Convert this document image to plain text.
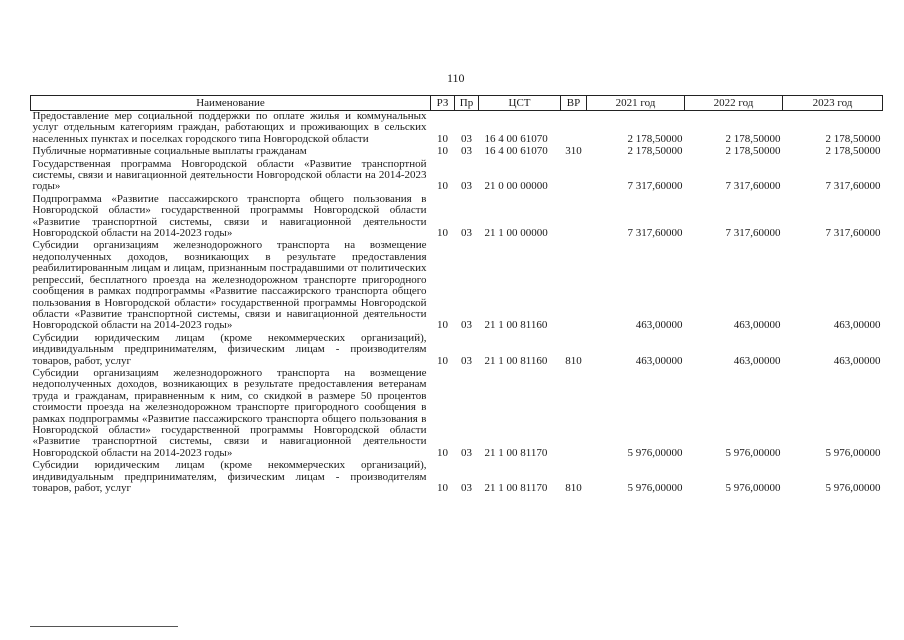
110
Наименование	РЗ	Пр	ЦСТ	ВР	2021 год	2022 год	2023 год
Предоставление мер социальной поддержки по оплате жилья и коммунальных услуг отдельным категориям граждан, работающих и проживающих в сельских населенных пунктах и поселках городского типа Новгородской области	10	03	16 4 00 61070		2 178,50000	2 178,50000	2 178,50000
Публичные нормативные социальные выплаты гражданам	10	03	16 4 00 61070	310	2 178,50000	2 178,50000	2 178,50000
Государственная программа Новгородской области «Развитие транспортной системы, связи и навигационной деятельности Новгородской области на 2014-2023 годы»	10	03	21 0 00 00000		7 317,60000	7 317,60000	7 317,60000
Подпрограмма «Развитие пассажирского транспорта общего пользования в Новгородской области» государственной программы Новгородской области «Развитие транспортной системы, связи и навигационной деятельности Новгородской области на 2014-2023 годы»	10	03	21 1 00 00000		7 317,60000	7 317,60000	7 317,60000
Субсидии организациям железнодорожного транспорта на возмещение недополученных доходов, возникающих в результате предоставления реабилитированным лицам и лицам, признанным пострадавшими от политических репрессий, бесплатного проезда на железнодорожном транспорте пригородного сообщения в рамках подпрограммы «Развитие пассажирского транспорта общего пользования в Новгородской области» государственной программы Новгородской области «Развитие транспортной системы, связи и навигационной деятельности Новгородской области на 2014-2023 годы»	10	03	21 1 00 81160		463,00000	463,00000	463,00000
Субсидии юридическим лицам (кроме некоммерческих организаций), индивидуальным предпринимателям, физическим лицам - производителям товаров, работ, услуг	10	03	21 1 00 81160	810	463,00000	463,00000	463,00000
Субсидии организациям железнодорожного транспорта на возмещение недополученных доходов, возникающих в результате предоставления ветеранам труда и гражданам, приравненным к ним, со скидкой в размере 50 процентов стоимости проезда на железнодорожном транспорте пригородного сообщения в рамках подпрограммы «Развитие пассажирского транспорта общего пользования в Новгородской области» государственной программы Новгородской области «Развитие транспортной системы, связи и навигационной деятельности Новгородской области на 2014-2023 годы»	10	03	21 1 00 81170		5 976,00000	5 976,00000	5 976,00000
Субсидии юридическим лицам (кроме некоммерческих организаций), индивидуальным предпринимателям, физическим лицам - производителям товаров, работ, услуг	10	03	21 1 00 81170	810	5 976,00000	5 976,00000	5 976,00000
